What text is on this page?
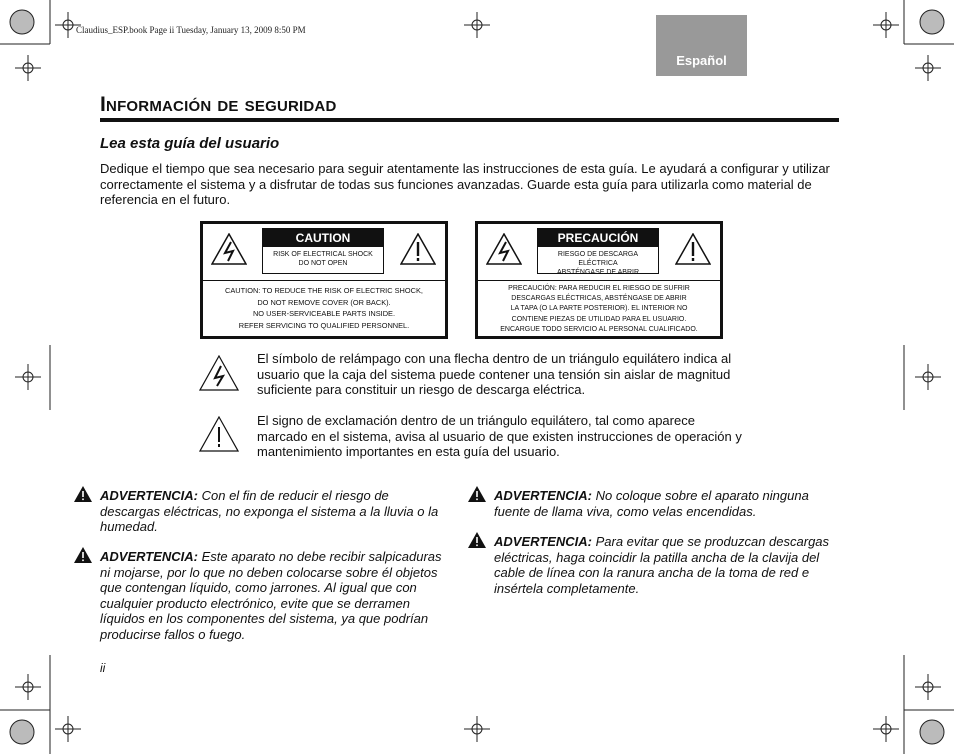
Claudius_ESP.book Page ii Tuesday, January 13, 2009 8:50 PM
Español
Información de seguridad
Lea esta guía del usuario
Dedique el tiempo que sea necesario para seguir atentamente las instrucciones de esta guía. Le ayudará a configurar y utilizar correctamente el sistema y a disfrutar de todas sus funciones avanzadas. Guarde esta guía para utilizarla como material de referencia en el futuro.
CAUTION
RISK OF ELECTRICAL SHOCK
DO NOT OPEN
CAUTION: TO REDUCE THE RISK OF ELECTRIC SHOCK,
DO NOT REMOVE COVER (OR BACK).
NO USER-SERVICEABLE PARTS INSIDE.
REFER SERVICING TO QUALIFIED PERSONNEL.
PRECAUCIÓN
RIESGO DE DESCARGA ELÉCTRICA
ABSTÉNGASE DE ABRIR
PRECAUCIÓN: PARA REDUCIR EL RIESGO DE SUFRIR
DESCARGAS ELÉCTRICAS, ABSTÉNGASE DE ABRIR
LA TAPA (O LA PARTE POSTERIOR). EL INTERIOR NO
CONTIENE PIEZAS DE UTILIDAD PARA EL USUARIO.
ENCARGUE TODO SERVICIO AL PERSONAL CUALIFICADO.
El símbolo de relámpago con una flecha dentro de un triángulo equilátero indica al usuario que la caja del sistema puede contener una tensión sin aislar de magnitud suficiente para constituir un riesgo de descarga eléctrica.
El signo de exclamación dentro de un triángulo equilátero, tal como aparece marcado en el sistema, avisa al usuario de que existen instrucciones de operación y mantenimiento importantes en esta guía del usuario.
ADVERTENCIA: Con el fin de reducir el riesgo de descargas eléctricas, no exponga el sistema a la lluvia o la humedad.
ADVERTENCIA: Este aparato no debe recibir salpicaduras ni mojarse, por lo que no deben colocarse sobre él objetos que contengan líquido, como jarrones. Al igual que con cualquier producto electrónico, evite que se derramen líquidos en los componentes del sistema, ya que podrían producirse fallos o fuego.
ADVERTENCIA: No coloque sobre el aparato ninguna fuente de llama viva, como velas encendidas.
ADVERTENCIA: Para evitar que se produzcan descargas eléctricas, haga coincidir la patilla ancha de la clavija del cable de línea con la ranura ancha de la toma de red e insértela completamente.
ii
